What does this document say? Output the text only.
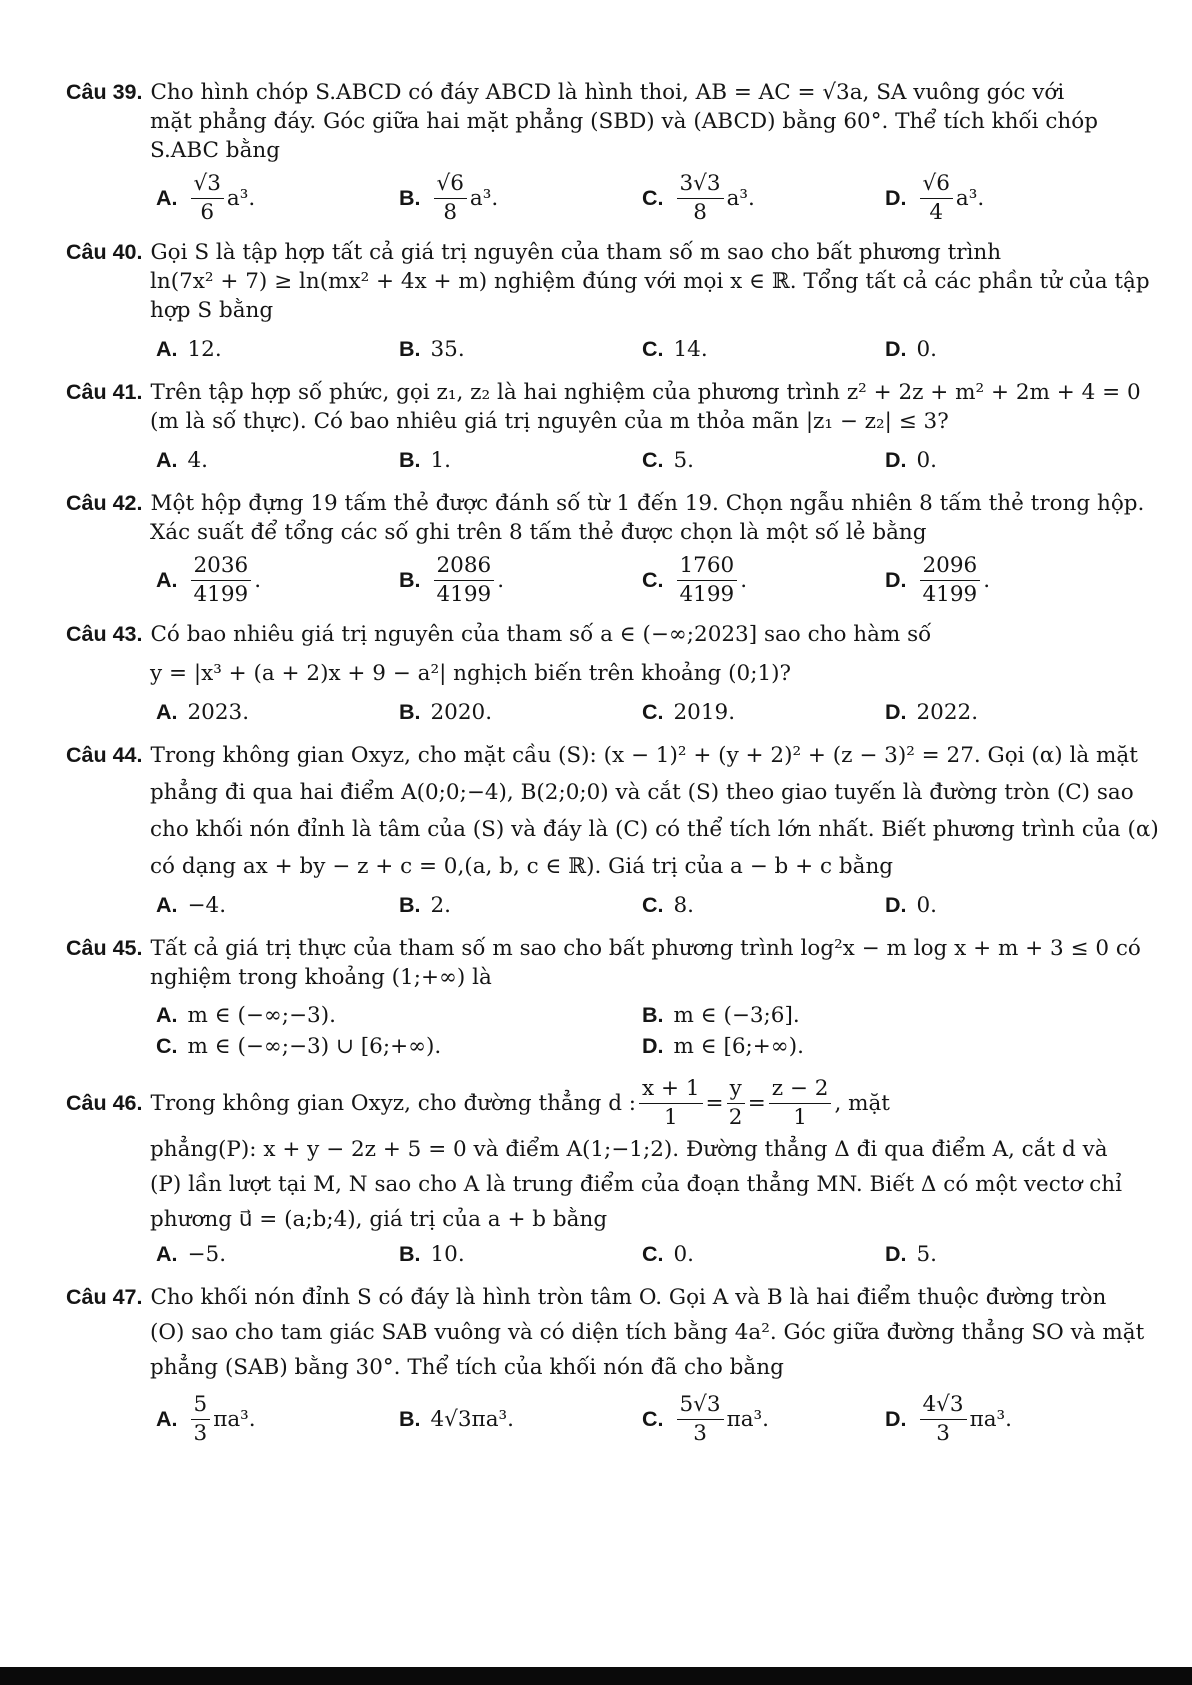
Câu 39. Cho hình chóp S.ABCD có đáy ABCD là hình thoi, AB = AC = √3a, SA vuông góc với

mặt phẳng đáy. Góc giữa hai mặt phẳng (SBD) và (ABCD) bằng 60°. Thể tích khối chóp

S.ABC bằng

A. $\frac{√3}{6} a^3$.	B. $\frac{√6}{8} a^3$.	C. $\frac{3√3}{8} a^3$.	D. $\frac{√6}{4} a^3$.

Câu 40. Gọi S là tập hợp tất cả giá trị nguyên của tham số m sao cho bất phương trình

ln(7x² + 7) ≥ ln(mx² + 4x + m) nghiệm đúng với mọi x ∈ ℝ. Tổng tất cả các phần tử của tập

hợp S bằng

A. 12.	B. 35.	C. 14.	D. 0.

Câu 41. Trên tập hợp số phức, gọi z₁, z₂ là hai nghiệm của phương trình z² + 2z + m² + 2m + 4 = 0

(m là số thực). Có bao nhiêu giá trị nguyên của m thỏa mãn |z₁ − z₂| ≤ 3?

A. 4.	B. 1.	C. 5.	D. 0.

Câu 42. Một hộp đựng 19 tấm thẻ được đánh số từ 1 đến 19. Chọn ngẫu nhiên 8 tấm thẻ trong hộp.

Xác suất để tổng các số ghi trên 8 tấm thẻ được chọn là một số lẻ bằng

A. $\frac{2036}{4199}$ .	B. $\frac{2086}{4199}$ .	C. $\frac{1760}{4199}$ .	D. $\frac{2096}{4199}$ .

Câu 43. Có bao nhiêu giá trị nguyên của tham số a ∈ (−∞;2023] sao cho hàm số

y = |x³ + (a + 2)x + 9 − a²| nghịch biến trên khoảng (0;1)?

A. 2023.	B. 2020.	C. 2019.	D. 2022.

Câu 44. Trong không gian Oxyz, cho mặt cầu (S): (x − 1)² + (y + 2)² + (z − 3)² = 27. Gọi (α) là mặt

phẳng đi qua hai điểm A(0;0;−4), B(2;0;0) và cắt (S) theo giao tuyến là đường tròn (C) sao

cho khối nón đỉnh là tâm của (S) và đáy là (C) có thể tích lớn nhất. Biết phương trình của (α)

có dạng ax + by − z + c = 0,(a, b, c ∈ ℝ). Giá trị của a − b + c bằng

A. −4.	B. 2.	C. 8.	D. 0.

Câu 45. Tất cả giá trị thực của tham số m sao cho bất phương trình log²x − m log x + m + 3 ≤ 0 có

nghiệm trong khoảng (1;+∞) là

A. m ∈ (−∞;−3).	B. m ∈ (−3;6].
C. m ∈ (−∞;−3) ∪ [6;+∞).	D. m ∈ [6;+∞).
Câu 46. Trong không gian Oxyz, cho đường thẳng d : $\frac{x + 1}{1} = \frac{y}{2} = \frac{z - 2}{1}$ , mặt

phẳng(P): x + y − 2z + 5 = 0 và điểm A(1;−1;2). Đường thẳng Δ đi qua điểm A, cắt d và

(P) lần lượt tại M, N sao cho A là trung điểm của đoạn thẳng MN. Biết Δ có một vectơ chỉ

phương u⃗ = (a;b;4), giá trị của a + b bằng

A. −5.	B. 10.	C. 0.	D. 5.

Câu 47. Cho khối nón đỉnh S có đáy là hình tròn tâm O. Gọi A và B là hai điểm thuộc đường tròn

(O) sao cho tam giác SAB vuông và có diện tích bằng 4a². Góc giữa đường thẳng SO và mặt

phẳng (SAB) bằng 30°. Thể tích của khối nón đã cho bằng

A. $\frac{5}{3} \pi a^3$.	B. 4√3πa³.	C. $\frac{5√3}{3} \pi a^3$.	D. $\frac{4√3}{3} \pi a^3$.
